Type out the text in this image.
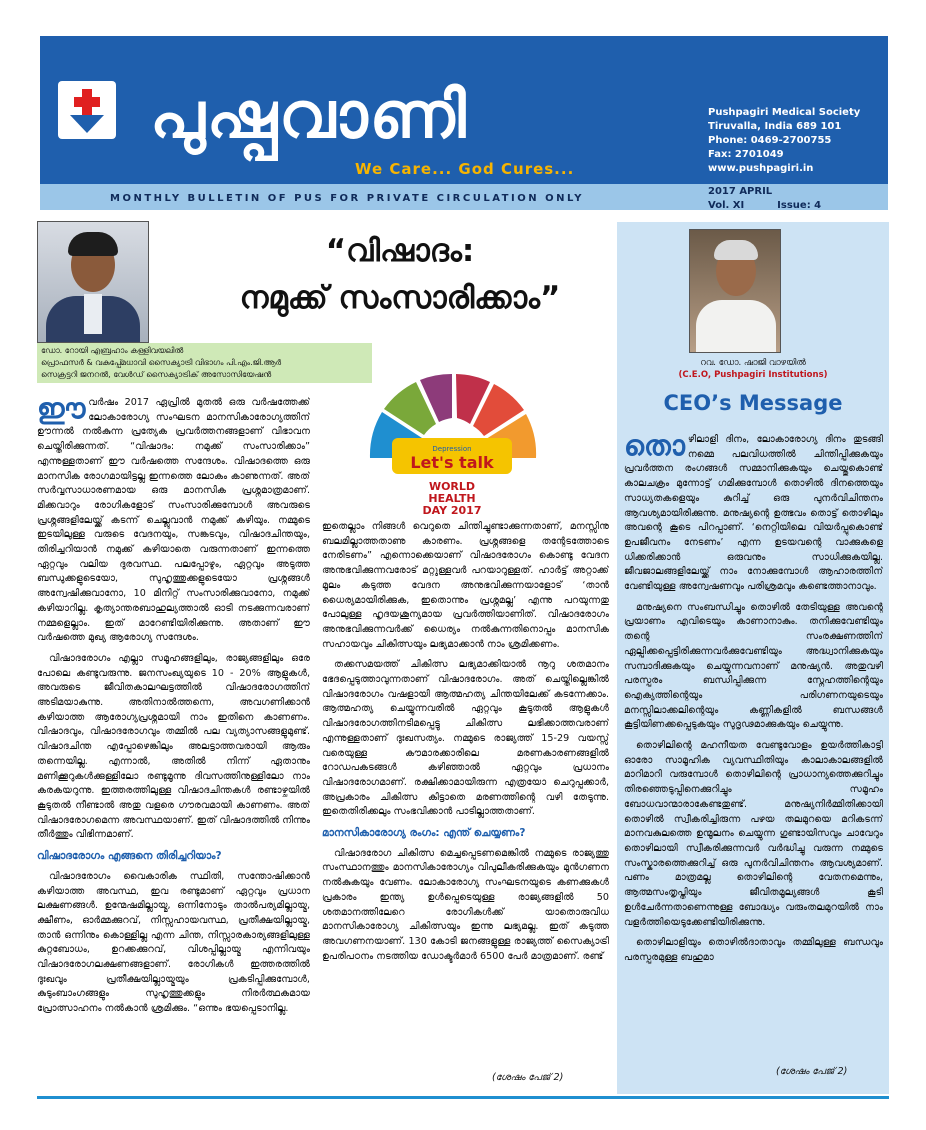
പുഷ്പവാണി
We Care... God Cures...
MONTHLY BULLETIN OF PUS FOR PRIVATE CIRCULATION ONLY
Pushpagiri Medical Society
Tiruvalla, India 689 101
Phone: 0469-2700755
Fax: 2701049
www.pushpagiri.in
2017 APRIL
Vol. XI	Issue: 4
ഡോ. റോയി എബ്രഹാം കള്ളിവയലിൽ
പ്രൊഫസർ & വകുപ്പ്മേധാവി സൈക്യാട്രി വിഭാഗം പി.എം.ജി.ആർ
സെക്രട്ടറി ജനറൽ, വേൾഡ് സൈക്യാട്രിക് അസോസിയേഷൻ
“വിഷാദം:
നമുക്ക് സംസാരിക്കാം”
Depression
Let's talk
WORLD
HEALTH
DAY 2017

ഈവർഷം 2017 ഏപ്രിൽ മുതൽ ഒരു വർഷത്തേക്ക് ലോകാരോഗ്യ സംഘടന മാനസികാരോഗ്യത്തിന് ഊന്നൽ നൽകുന്ന പ്രത്യേക പ്രവർത്തനങ്ങളാണ് വിഭാവന ചെയ്തിരിക്കുന്നത്. “വിഷാദം: നമുക്ക് സംസാരിക്കാം” എന്നുള്ളതാണ് ഈ വർഷത്തെ സന്ദേശം. വിഷാദത്തെ ഒരു മാനസിക രോഗമായിട്ടല്ല ഇന്നത്തെ ലോകം കാണുന്നത്. അത് സർവ്വസാധാരണമായ ഒരു മാനസിക പ്രശ്നമാത്രമാണ്. മിക്കവാറും രോഗികളോട് സംസാരിക്കുമ്പോൾ അവരുടെ പ്രശ്നങ്ങളിലേയ്ക്ക് കടന്ന് ചെല്ലുവാൻ നമുക്ക് കഴിയും. നമ്മുടെ ഇടയിലുള്ള വരുടെ വേദനയും, സങ്കടവും, വിഷാദചിന്തയും, തിരിച്ചറിയാൻ നമുക്ക് കഴിയാതെ വരുന്നതാണ് ഇന്നത്തെ ഏറ്റവും വലിയ ദുരവസ്ഥ. പലപ്പോഴും, ഏറ്റവും അടുത്ത ബന്ധുക്കളുടെയോ, സുഹൃത്തുക്കളുടെയോ പ്രശ്നങ്ങൾ അന്വേഷിക്കുവാനോ, 10 മിനിറ്റ് സംസാരിക്കുവാനോ, നമുക്ക് കഴിയാറില്ല. കൃത്യാന്തരബാഹുല്യത്താൽ ഓടി നടക്കുന്നവരാണ് നമ്മളെല്ലാം. ഇത് മാറേണ്ടിയിരിക്കുന്നു. അതാണ് ഈ വർഷത്തെ മുഖ്യ ആരോഗ്യ സന്ദേശം.

വിഷാദരോഗം എല്ലാ സമൂഹങ്ങളിലും, രാജ്യങ്ങളിലും ഒരേ പോലെ കണ്ടുവരുന്നു. ജനസംഖ്യയുടെ 10 - 20% ആളുകൾ, അവരുടെ ജീവിതകാലഘട്ടത്തിൽ വിഷാദരോഗത്തിന് അടിമയാകുന്നു. അതിനാൽത്തന്നെ, അവഗണിക്കാൻ കഴിയാത്ത ആരോഗ്യപ്രശ്നമായി നാം ഇതിനെ കാണണം. വിഷാദവും, വിഷാദരോഗവും തമ്മിൽ പല വ്യത്യാസങ്ങളുമുണ്ട്. വിഷാദചിന്ത എപ്പോഴെങ്കിലും അലട്ടാത്തവരായി ആരും തന്നെയില്ല. എന്നാൽ, അതിൽ നിന്ന് ഏതാനും മണിക്കൂറുകൾക്കുള്ളിലോ രണ്ടുമൂന്നു ദിവസത്തിനുള്ളിലോ നാം കരകയറുന്നു. ഇത്തരത്തിലുള്ള വിഷാദചിന്തകൾ രണ്ടാഴ്ചയിൽ കൂടുതൽ നീണ്ടാൽ അതു വളരെ ഗൗരവമായി കാണണം. അത് വിഷാദരോഗമെന്ന അവസ്ഥയാണ്. ഇത് വിഷാദത്തിൽ നിന്നും തീർത്തും വിഭിന്നമാണ്.

വിഷാദരോഗം എങ്ങനെ തിരിച്ചറിയാം?

വിഷാദരോഗം വൈകാരിക സ്ഥിതി, സന്തോഷിക്കാൻ കഴിയാത്ത അവസ്ഥ, ഇവ രണ്ടുമാണ് ഏറ്റവും പ്രധാന ലക്ഷണങ്ങൾ. ഉന്മേഷമില്ലായ്മ, ഒന്നിനോടും താൽപര്യമില്ലായ്മ, ക്ഷീണം, ഓർമ്മക്കുറവ്, നിസ്സഹായവസ്ഥ, പ്രതീക്ഷയില്ലായ്മ, താൻ ഒന്നിനും കൊള്ളില്ല എന്ന ചിന്ത, നിസ്സാരകാര്യങ്ങളിലുള്ള കുറ്റബോധം, ഉറക്കക്കുറവ്, വിശപ്പില്ലായ്മ എന്നിവയും വിഷാദരോഗലക്ഷണങ്ങളാണ്. രോഗികൾ ഇത്തരത്തിൽ ദുഃഖവും പ്രതീക്ഷയില്ലായ്മയും പ്രകടിപ്പിക്കുമ്പോൾ, കുടുംബാംഗങ്ങളും സുഹൃത്തുക്കളും നിരർത്ഥകമായ പ്രോത്സാഹനം നൽകാൻ ശ്രമിക്കും. “ഒന്നും ഭയപ്പെടാനില്ല.

ഇതെല്ലാം നിങ്ങൾ വെറുതെ ചിന്തിച്ചുണ്ടാക്കുന്നതാണ്, മനസ്സിനു ബലമില്ലാത്തതാണു കാരണം. പ്രശ്നങ്ങളെ തന്റേടത്തോടെ നേരിടണം” എന്നൊക്കെയാണ് വിഷാദരോഗം കൊണ്ടു വേദന അനുഭവിക്കുന്നവരോട് മറ്റുള്ളവർ പറയാറുള്ളത്. ഹാർട്ട് അറ്റാക്ക് മൂലം കടുത്ത വേദന അനുഭവിക്കുന്നയാളോട് ‘താൻ ധൈര്യമായിരിക്കുക, ഇതൊന്നും പ്രശ്നമല്ല’ എന്നു പറയുന്നതു പോലുള്ള ഹൃദയശൂന്യമായ പ്രവർത്തിയാണിത്. വിഷാദരോഗം അനുഭവിക്കുന്നവർക്ക് ധൈര്യം നൽകുന്നതിനൊപ്പം മാനസിക സഹായവും ചികിത്സയും ലഭ്യമാക്കാൻ നാം ശ്രമിക്കണം.

തക്കസമയത്ത് ചികിത്സ ലഭ്യമാക്കിയാൽ നൂറു ശതമാനം ഭേദപ്പെടുത്താവുന്നതാണ് വിഷാദരോഗം. അത് ചെയ്തില്ലെങ്കിൽ വിഷാദരോഗം വഷളായി ആത്മഹത്യ ചിന്തയിലേക്ക് കടന്നേക്കാം. ആത്മഹത്യ ചെയ്യുന്നവരിൽ ഏറ്റവും കൂടുതൽ ആളുകൾ വിഷാദരോഗത്തിനടിമപ്പെട്ടു ചികിത്സ ലഭിക്കാത്തവരാണ് എന്നുള്ളതാണ് ദുഃഖസത്യം. നമ്മുടെ രാജ്യത്ത് 15-29 വയസ്സ് വരെയുള്ള കൗമാരക്കാരിലെ മരണകാരണങ്ങളിൽ റോഡപകടങ്ങൾ കഴിഞ്ഞാൽ ഏറ്റവും പ്രധാനം വിഷാദരോഗമാണ്. രക്ഷിക്കാമായിരുന്ന എത്രയോ ചെറുപ്പക്കാർ, അപ്രകാരം ചികിത്സ കിട്ടാതെ മരണത്തിന്റെ വഴി തേടുന്നു. ഇതെതിരിക്കലും സംഭവിക്കാൻ പാടില്ലാത്തതാണ്.

മാനസികാരോഗ്യ രംഗം: എന്ത് ചെയ്യണം?

വിഷാദരോഗ ചികിത്സ മെച്ചപ്പെടണമെങ്കിൽ നമ്മുടെ രാജ്യത്തു സംസ്ഥാനത്തും മാനസികാരോഗ്യം വിപുലീകരിക്കുകയും മുൻഗണന നൽകുകയും വേണം. ലോകാരോഗ്യ സംഘടനയുടെ കണക്കുകൾ പ്രകാരം ഇന്ത്യ ഉൾപ്പെടെയുള്ള രാജ്യങ്ങളിൽ 50 ശതമാനത്തിലേറെ രോഗികൾക്ക് യാതൊരുവിധ മാനസികാരോഗ്യ ചികിത്സയും ഇന്നു ലഭ്യമല്ല. ഇത് കടുത്ത അവഗണനയാണ്. 130 കോടി ജനങ്ങളുള്ള രാജ്യത്ത് സൈക്യാട്രി ഉപരിപഠനം നടത്തിയ ഡോക്ടർമാർ 6500 പേർ മാത്രമാണ്. രണ്ട്

(ശേഷം പേജ് 2)
റവ. ഡോ. ഷാജി വാഴയിൽ
(C.E.O, Pushpagiri Institutions)
CEO’s Message

തൊഴിലാളി ദിനം, ലോകാരോഗ്യ ദിനം തുടങ്ങി നമ്മെ പലവിധത്തിൽ ചിന്തിപ്പിക്കുകയും പ്രവർത്തന രംഗങ്ങൾ സമ്മാനിക്കുകയും ചെയ്തുകൊണ്ട് കാലചക്രം മുന്നോട്ട് ഗമിക്കുമ്പോൾ തൊഴിൽ ദിനത്തെയും സാധ്യതകളെയും കുറിച്ച് ഒരു പുനർവിചിന്തനം ആവശ്യമായിരിക്കുന്നു. മനുഷ്യന്റെ ഉത്ഭവം തൊട്ട് തൊഴിലും അവന്റെ കൂടെ പിറപ്പാണ്. ‘നെറ്റിയിലെ വിയർപ്പുകൊണ്ട് ഉപജീവനം നേടണം’ എന്ന ഉടയവന്റെ വാക്കുകളെ ധിക്കരിക്കാൻ ഒരുവനും സാധിക്കുകയില്ല. ജീവജാലങ്ങളിലേയ്ക്ക് നാം നോക്കുമ്പോൾ ആഹാരത്തിന് വേണ്ടിയുള്ള അന്വേഷണവും പരിശ്രമവും കണ്ടെത്താനാവും.

മനുഷ്യനെ സംബന്ധിച്ചും തൊഴിൽ തേടിയുള്ള അവന്റെ പ്രയാണം എവിടെയും കാണാനാകും. തനിക്കുവേണ്ടിയും തന്റെ സംരക്ഷണത്തിന് ഏല്പിക്കപ്പെട്ടിരിക്കുന്നവർക്കുവേണ്ടിയും അദ്ധ്വാനിക്കുകയും സമ്പാദിക്കുകയും ചെയ്യുന്നവനാണ് മനുഷ്യൻ. അതുവഴി പരസ്പരം ബന്ധിപ്പിക്കുന്ന സ്നേഹത്തിന്റെയും ഐക്യത്തിന്റെയും പരിഗണനയുടെയും മനസ്സിലാക്കലിന്റെയും കണ്ണികളിൽ ബന്ധങ്ങൾ കൂട്ടിയിണക്കപ്പെടുകയും സുദൃഢമാക്കുകയും ചെയ്യുന്നു.

തൊഴിലിന്റെ മഹനീയത വേണ്ടുവോളം ഉയർത്തികാട്ടി ഓരോ സാമൂഹിക വ്യവസ്ഥിതിയും കാലാകാലങ്ങളിൽ മാറിമാറി വരുമ്പോൾ തൊഴിലിന്റെ പ്രാധാന്യത്തെക്കുറിച്ചും തിരഞ്ഞെടുപ്പിനെക്കുറിച്ചും സമൂഹം ബോധവാന്മാരാകേണ്ടതുണ്ട്. മനുഷ്യനിർമ്മിതിക്കായി തൊഴിൽ സ്വീകരിച്ചിരുന്ന പഴയ തലമുറയെ മറികടന്ന് മാനവകുലത്തെ ഉന്മൂലനം ചെയ്യുന്ന ഗുണ്ടായിസവും ചാവേറും തൊഴിലായി സ്വീകരിക്കുന്നവർ വർദ്ധിച്ചു വരുന്ന നമ്മുടെ സംസ്കാരത്തെക്കുറിച്ച് ഒരു പുനർവിചിന്തനം ആവശ്യമാണ്. പണം മാത്രമല്ല തൊഴിലിന്റെ വേതനമെന്നും, ആത്മസംതൃപ്തിയും ജീവിതമൂല്യങ്ങൾ കൂടി ഉൾചേർന്നതാണെന്നുള്ള ബോദ്ധ്യം വരുംതലമുറയിൽ നാം വളർത്തിയെടുക്കേണ്ടിയിരിക്കുന്നു.

തൊഴിലാളിയും തൊഴിൽദാതാവും തമ്മിലുള്ള ബന്ധവും പരസ്പരമുള്ള ബഹുമാ

(ശേഷം പേജ് 2)
